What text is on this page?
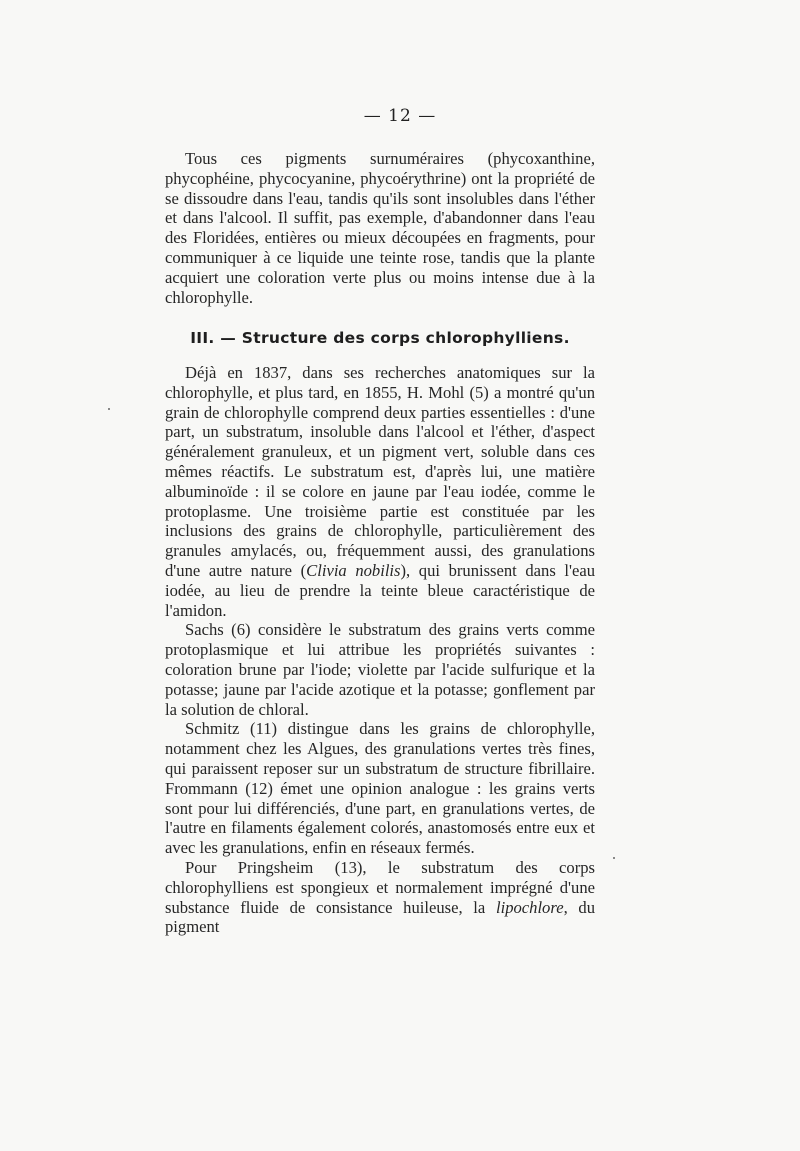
— 12 —

Tous ces pigments surnuméraires (phycoxanthine, phycophéine, phycocyanine, phycoérythrine) ont la propriété de se dissoudre dans l'eau, tandis qu'ils sont insolubles dans l'éther et dans l'alcool. Il suffit, pas exemple, d'abandonner dans l'eau des Floridées, entières ou mieux découpées en fragments, pour communiquer à ce liquide une teinte rose, tandis que la plante acquiert une coloration verte plus ou moins intense due à la chlorophylle.

III. — Structure des corps chlorophylliens.

Déjà en 1837, dans ses recherches anatomiques sur la chlorophylle, et plus tard, en 1855, H. Mohl (5) a montré qu'un grain de chlorophylle comprend deux parties essentielles : d'une part, un substratum, insoluble dans l'alcool et l'éther, d'aspect généralement granuleux, et un pigment vert, soluble dans ces mêmes réactifs. Le substratum est, d'après lui, une matière albuminoïde : il se colore en jaune par l'eau iodée, comme le protoplasme. Une troisième partie est constituée par les inclusions des grains de chlorophylle, particulièrement des granules amylacés, ou, fréquemment aussi, des granulations d'une autre nature (Clivia nobilis), qui brunissent dans l'eau iodée, au lieu de prendre la teinte bleue caractéristique de l'amidon.

Sachs (6) considère le substratum des grains verts comme protoplasmique et lui attribue les propriétés suivantes : coloration brune par l'iode; violette par l'acide sulfurique et la potasse; jaune par l'acide azotique et la potasse; gonflement par la solution de chloral.

Schmitz (11) distingue dans les grains de chlorophylle, notamment chez les Algues, des granulations vertes très fines, qui paraissent reposer sur un substratum de structure fibrillaire. Frommann (12) émet une opinion analogue : les grains verts sont pour lui différenciés, d'une part, en granulations vertes, de l'autre en filaments également colorés, anastomosés entre eux et avec les granulations, enfin en réseaux fermés.

Pour Pringsheim (13), le substratum des corps chlorophylliens est spongieux et normalement imprégné d'une substance fluide de consistance huileuse, la lipochlore, du pigment
